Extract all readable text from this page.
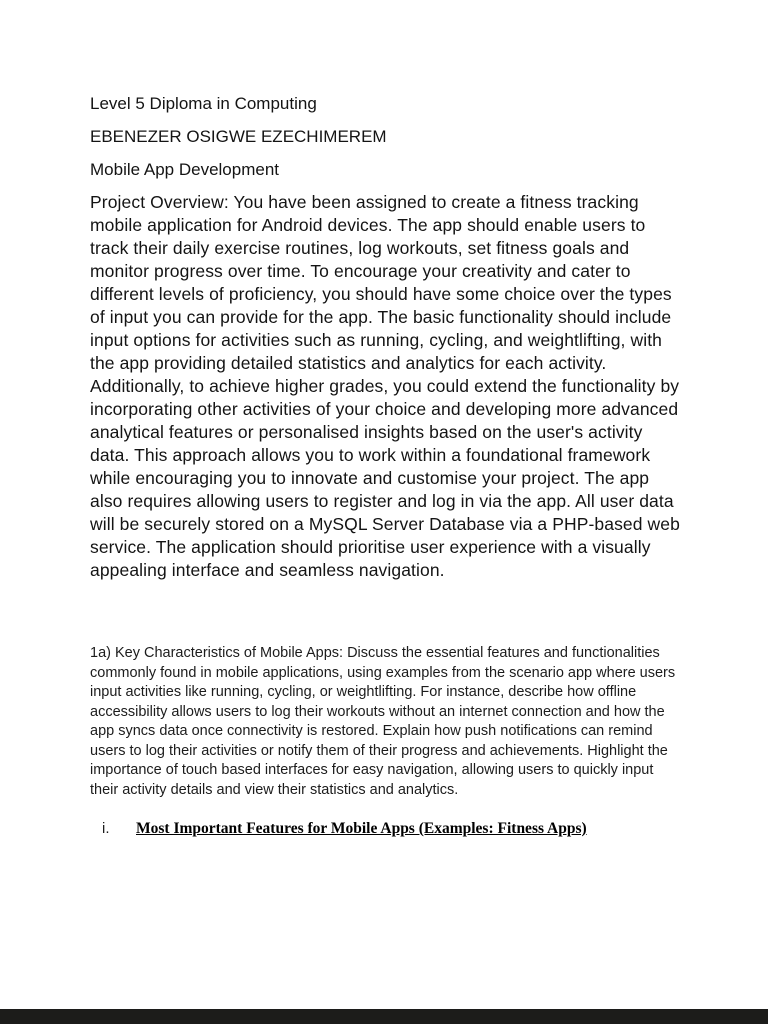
Level 5 Diploma in Computing

EBENEZER OSIGWE EZECHIMEREM

Mobile App Development

Project Overview: You have been assigned to create a fitness tracking mobile application for Android devices. The app should enable users to track their daily exercise routines, log workouts, set fitness goals and monitor progress over time. To encourage your creativity and cater to different levels of proficiency, you should have some choice over the types of input you can provide for the app. The basic functionality should include input options for activities such as running, cycling, and weightlifting, with the app providing detailed statistics and analytics for each activity. Additionally, to achieve higher grades, you could extend the functionality by incorporating other activities of your choice and developing more advanced analytical features or personalised insights based on the user's activity data. This approach allows you to work within a foundational framework while encouraging you to innovate and customise your project. The app also requires allowing users to register and log in via the app. All user data will be securely stored on a MySQL Server Database via a PHP-based web service. The application should prioritise user experience with a visually appealing interface and seamless navigation.

1a) Key Characteristics of Mobile Apps: Discuss the essential features and functionalities commonly found in mobile applications, using examples from the scenario app where users input activities like running, cycling, or weightlifting. For instance, describe how offline accessibility allows users to log their workouts without an internet connection and how the app syncs data once connectivity is restored. Explain how push notifications can remind users to log their activities or notify them of their progress and achievements. Highlight the importance of touch based interfaces for easy navigation, allowing users to quickly input their activity details and view their statistics and analytics.

i.	Most Important Features for Mobile Apps (Examples: Fitness Apps)
